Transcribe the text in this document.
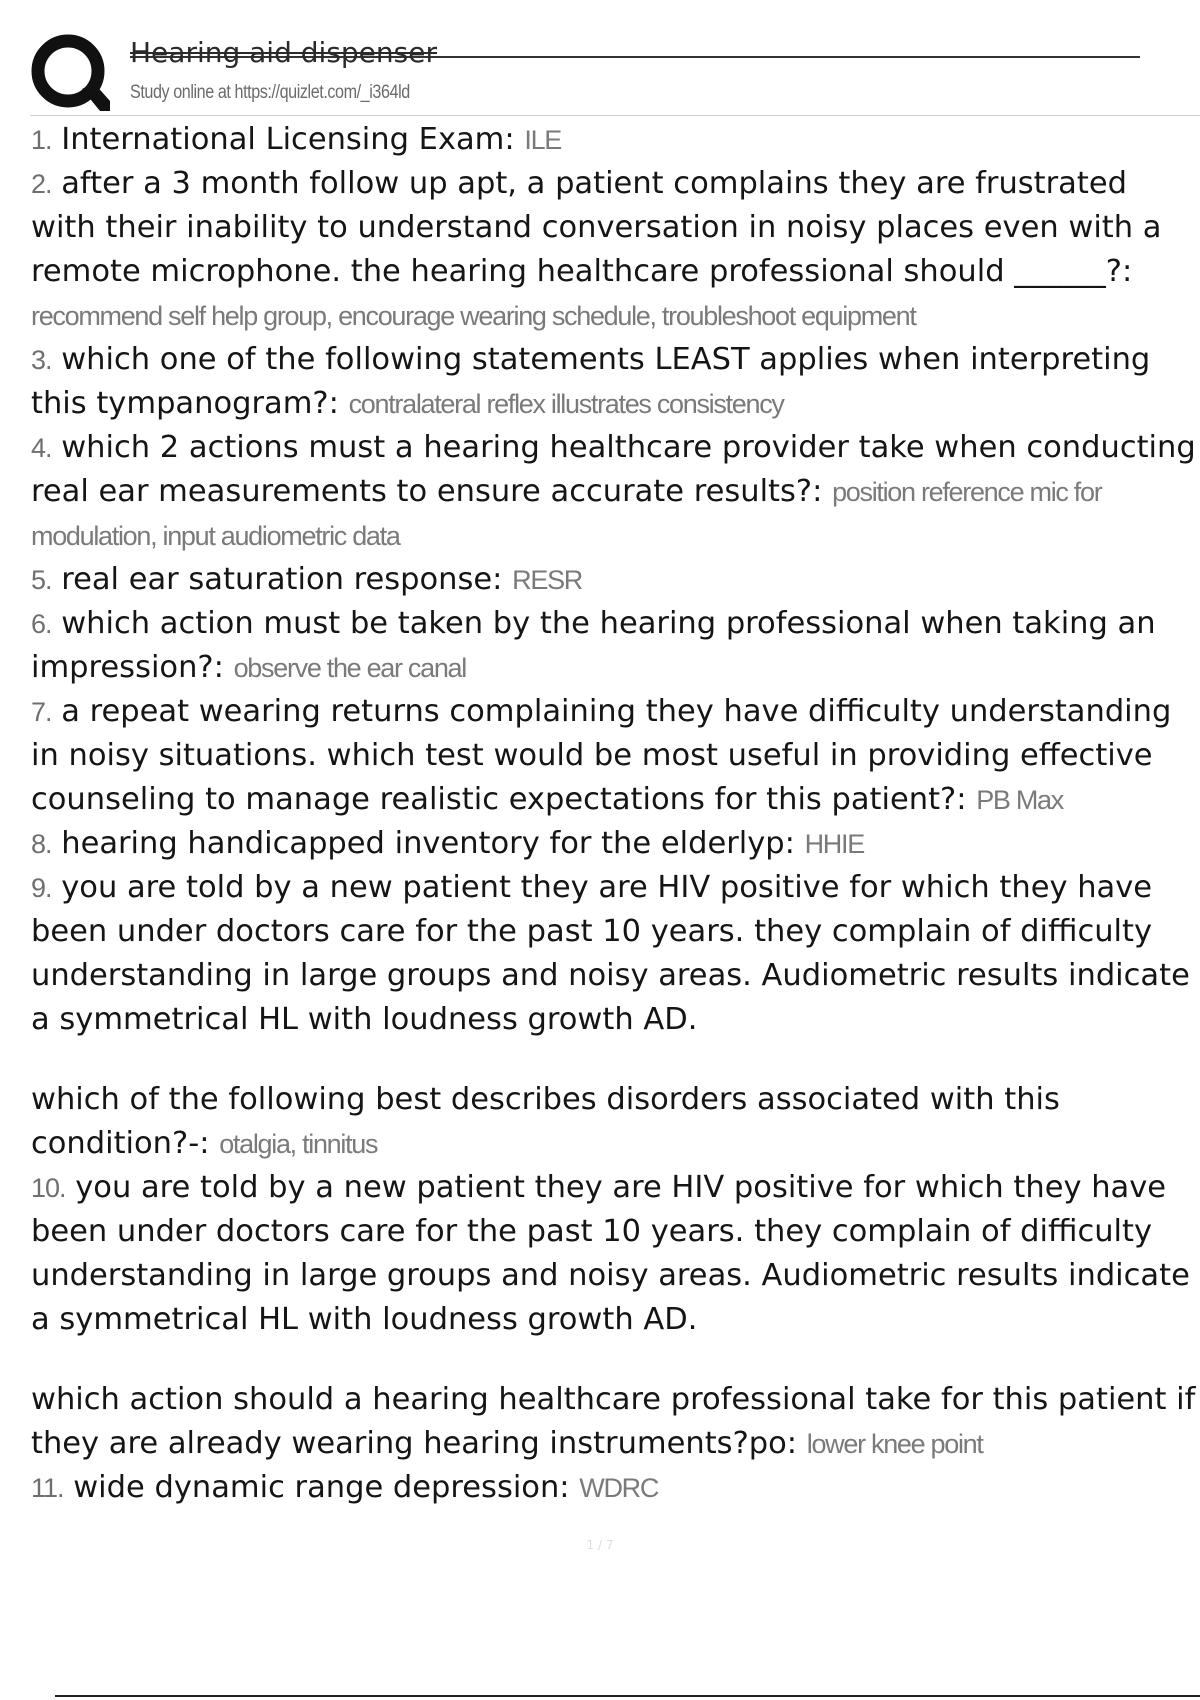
Hearing aid dispenser
Study online at https://quizlet.com/_i364ld

1. International Licensing Exam: ILE

2. after a 3 month follow up apt, a patient complains they are frustrated with their inability to understand conversation in noisy places even with a remote microphone. the hearing healthcare professional should ______?: recommend self help group, encourage wearing schedule, troubleshoot equipment

3. which one of the following statements LEAST applies when interpreting this tympanogram?: contralateral reflex illustrates consistency

4. which 2 actions must a hearing healthcare provider take when conducting real ear measurements to ensure accurate results?: position reference mic for modulation, input audiometric data

5. real ear saturation response: RESR

6. which action must be taken by the hearing professional when taking an impression?: observe the ear canal

7. a repeat wearing returns complaining they have difficulty understanding in noisy situations. which test would be most useful in providing effective counseling to manage realistic expectations for this patient?: PB Max

8. hearing handicapped inventory for the elderlyp: HHIE

9. you are told by a new patient they are HIV positive for which they have been under doctors care for the past 10 years. they complain of difficulty understanding in large groups and noisy areas. Audiometric results indicate a symmetrical HL with loudness growth AD.
which of the following best describes disorders associated with this condition?-: otalgia, tinnitus

10. you are told by a new patient they are HIV positive for which they have been under doctors care for the past 10 years. they complain of difficulty understanding in large groups and noisy areas. Audiometric results indicate a symmetrical HL with loudness growth AD.
which action should a hearing healthcare professional take for this patient if they are already wearing hearing instruments?po: lower knee point

11. wide dynamic range depression: WDRC

1 / 7
